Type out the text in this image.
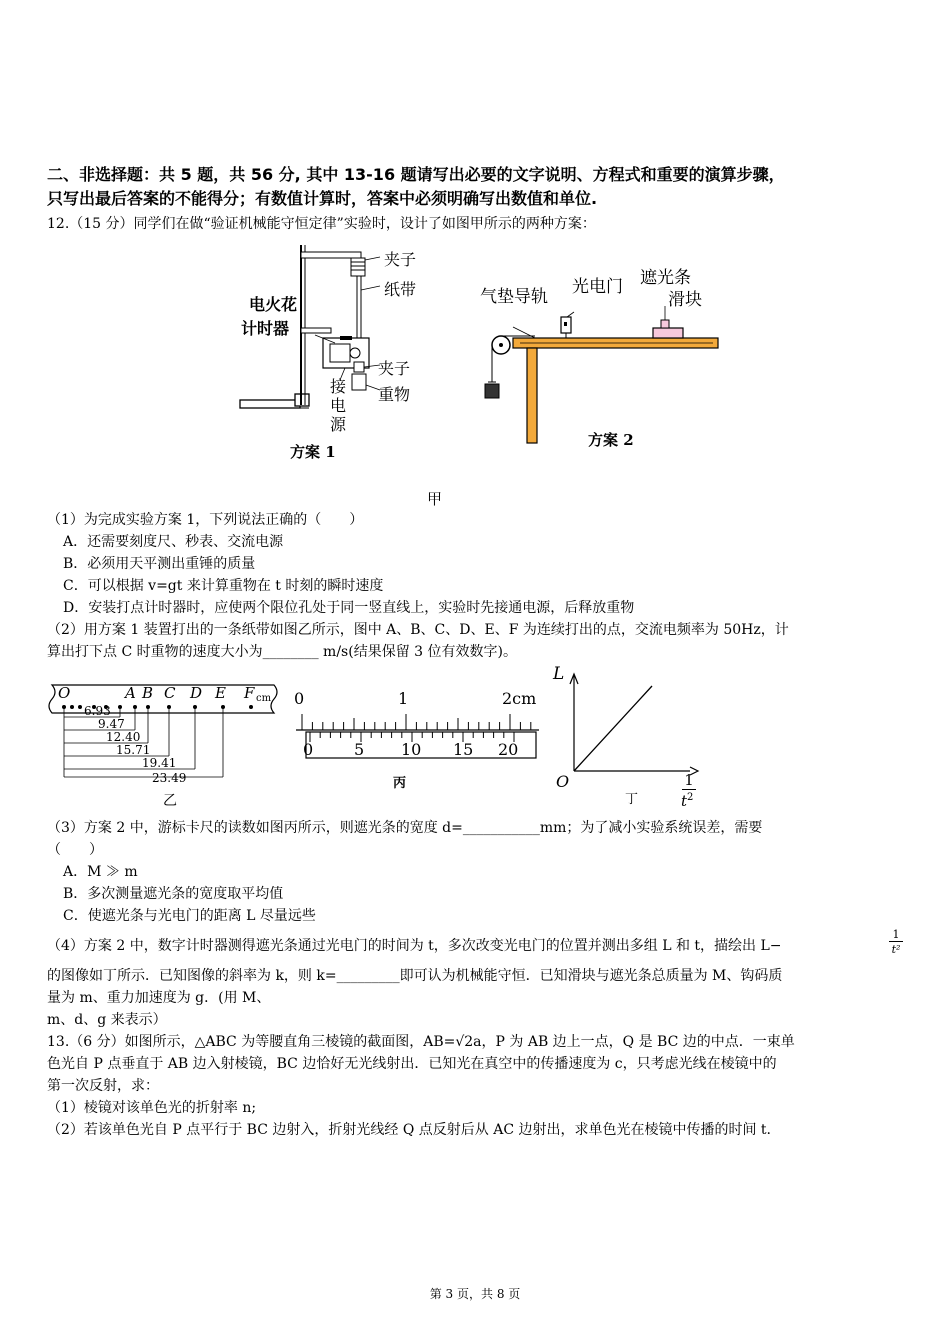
二、非选择题：共 5 题，共 56 分, 其中 13-16 题请写出必要的文字说明、方程式和重要的演算步骤，
只写出最后答案的不能得分；有数值计算时，答案中必须明确写出数值和单位.
12.（15 分）同学们在做“验证机械能守恒定律”实验时，设计了如图甲所示的两种方案：
夹子
纸带
电火花
计时器
夹子
重物
接电源
方案 1
气垫导轨 光电门 遮光条
滑块
方案 2
甲
（1）为完成实验方案 1，下列说法正确的（　　）
A．还需要刻度尺、秒表、交流电源
B．必须用天平测出重锤的质量
C．可以根据 v=gt 来计算重物在 t 时刻的瞬时速度
D．安装打点计时器时，应使两个限位孔处于同一竖直线上，实验时先接通电源，后释放重物
（2）用方案 1 装置打出的一条纸带如图乙所示，图中 A、B、C、D、E、F 为连续打出的点，交流电频率为 50Hz，计
算出打下点 C 时重物的速度大小为________ m/s(结果保留 3 位有效数字)。
O	A B C D E F cm
6.93
9.47
12.40
15.71
19.41
23.49
乙
0	1	2cm
0	5 10 15 20
丙
L
O	1
$t^2$
丁
（3）方案 2 中，游标卡尺的读数如图丙所示，则遮光条的宽度 d=___________mm；为了减小实验系统误差，需要
（　　）
A．M ≫ m
B．多次测量遮光条的宽度取平均值
C．使遮光条与光电门的距离 L 尽量远些
（4）方案 2 中，数字计时器测得遮光条通过光电门的时间为 t，多次改变光电门的位置并测出多组 L 和 t，描绘出 L−
1
t²
的图像如丁所示．已知图像的斜率为 k，则 k=_________即可认为机械能守恒．已知滑块与遮光条总质量为 M、钩码质
量为 m、重力加速度为 g．(用 M、
m、d、g 来表示）
13.（6 分）如图所示，△ABC 为等腰直角三棱镜的截面图，AB=√2a，P 为 AB 边上一点，Q 是 BC 边的中点．一束单
色光自 P 点垂直于 AB 边入射棱镜，BC 边恰好无光线射出．已知光在真空中的传播速度为 c，只考虑光线在棱镜中的
第一次反射，求：
（1）棱镜对该单色光的折射率 n;
（2）若该单色光自 P 点平行于 BC 边射入，折射光线经 Q 点反射后从 AC 边射出，求单色光在棱镜中传播的时间 t.
第 3 页，共 8 页
